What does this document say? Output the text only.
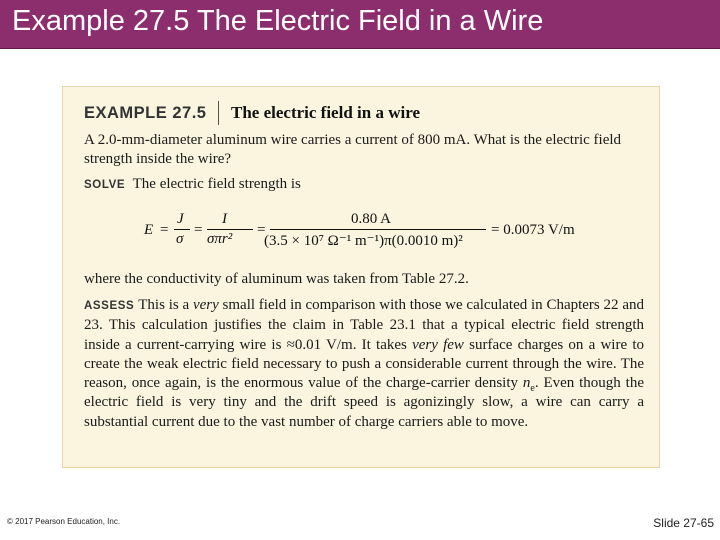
Example 27.5 The Electric Field in a Wire
EXAMPLE 27.5 The electric field in a wire
A 2.0-mm-diameter aluminum wire carries a current of 800 mA. What is the electric field strength inside the wire?
SOLVE The electric field strength is
E =
J
σ
=
I
σπr²
=
0.80 A
(3.5 × 10⁷ Ω⁻¹ m⁻¹)π(0.0010 m)²
= 0.0073 V/m
where the conductivity of aluminum was taken from Table 27.2.
ASSESS This is a very small field in comparison with those we calculated in Chapters 22 and 23. This calculation justifies the claim in Table 23.1 that a typical electric field strength inside a current-carrying wire is ≈0.01 V/m. It takes very few surface charges on a wire to create the weak electric field necessary to push a considerable current through the wire. The reason, once again, is the enormous value of the charge-carrier density $n_e$. Even though the electric field is very tiny and the drift speed is agonizingly slow, a wire can carry a substantial current due to the vast number of charge carriers able to move.
© 2017 Pearson Education, Inc.	Slide 27-65
